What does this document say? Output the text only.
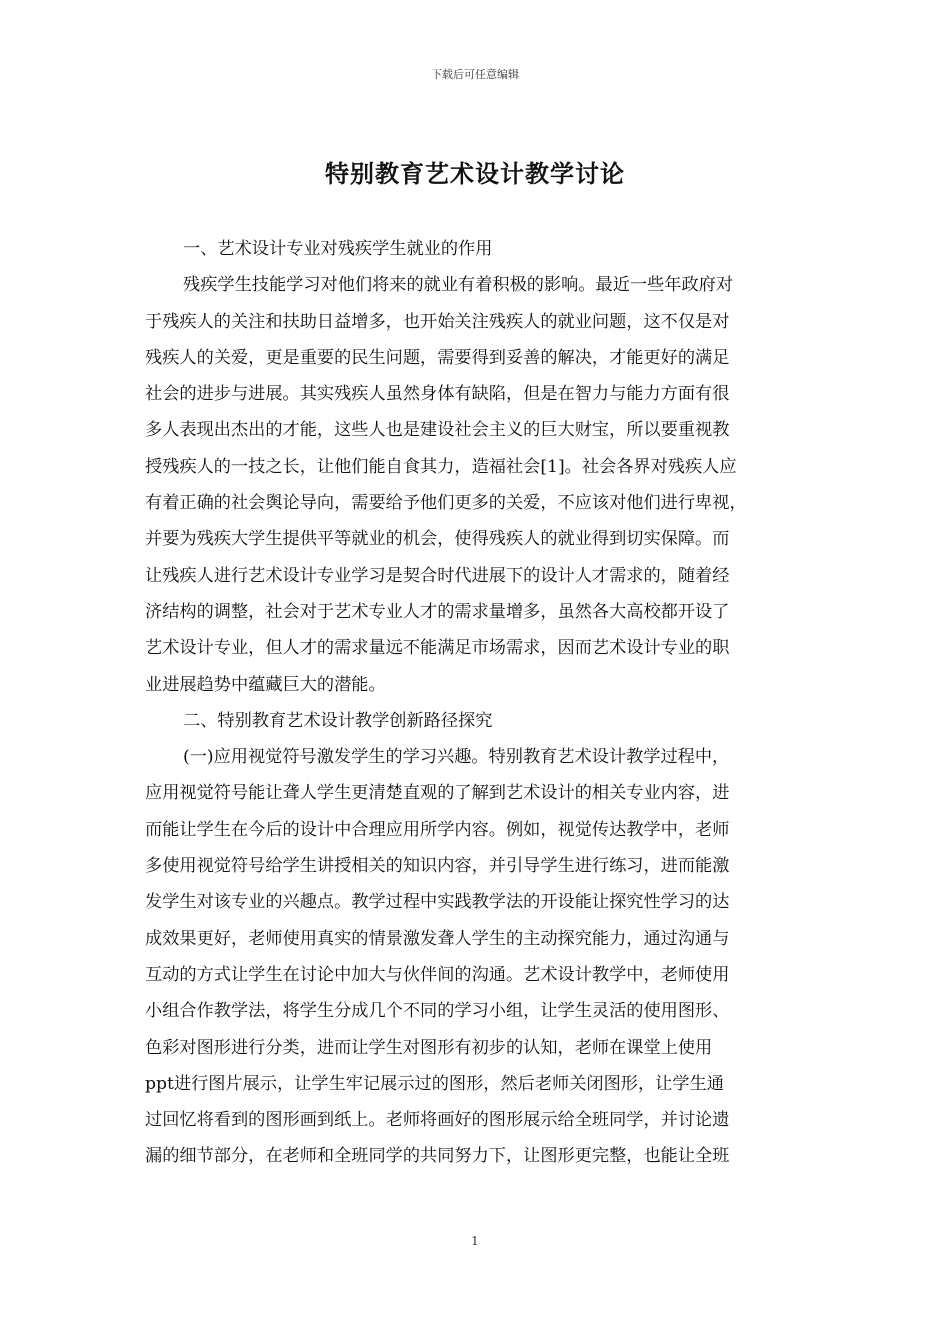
下载后可任意编辑
特别教育艺术设计教学讨论
一、艺术设计专业对残疾学生就业的作用
残疾学生技能学习对他们将来的就业有着积极的影响。最近一些年政府对
于残疾人的关注和扶助日益增多，也开始关注残疾人的就业问题，这不仅是对
残疾人的关爱，更是重要的民生问题，需要得到妥善的解决，才能更好的满足
社会的进步与进展。其实残疾人虽然身体有缺陷，但是在智力与能力方面有很
多人表现出杰出的才能，这些人也是建设社会主义的巨大财宝，所以要重视教
授残疾人的一技之长，让他们能自食其力，造福社会[1]。社会各界对残疾人应
有着正确的社会舆论导向，需要给予他们更多的关爱，不应该对他们进行卑视，
并要为残疾大学生提供平等就业的机会，使得残疾人的就业得到切实保障。而
让残疾人进行艺术设计专业学习是契合时代进展下的设计人才需求的，随着经
济结构的调整，社会对于艺术专业人才的需求量增多，虽然各大高校都开设了
艺术设计专业，但人才的需求量远不能满足市场需求，因而艺术设计专业的职
业进展趋势中蕴藏巨大的潜能。
二、特别教育艺术设计教学创新路径探究
(一)应用视觉符号激发学生的学习兴趣。特别教育艺术设计教学过程中，
应用视觉符号能让聋人学生更清楚直观的了解到艺术设计的相关专业内容，进
而能让学生在今后的设计中合理应用所学内容。例如，视觉传达教学中，老师
多使用视觉符号给学生讲授相关的知识内容，并引导学生进行练习，进而能激
发学生对该专业的兴趣点。教学过程中实践教学法的开设能让探究性学习的达
成效果更好，老师使用真实的情景激发聋人学生的主动探究能力，通过沟通与
互动的方式让学生在讨论中加大与伙伴间的沟通。艺术设计教学中，老师使用
小组合作教学法，将学生分成几个不同的学习小组，让学生灵活的使用图形、
色彩对图形进行分类，进而让学生对图形有初步的认知，老师在课堂上使用
ppt进行图片展示，让学生牢记展示过的图形，然后老师关闭图形，让学生通
过回忆将看到的图形画到纸上。老师将画好的图形展示给全班同学，并讨论遗
漏的细节部分，在老师和全班同学的共同努力下，让图形更完整，也能让全班
1
